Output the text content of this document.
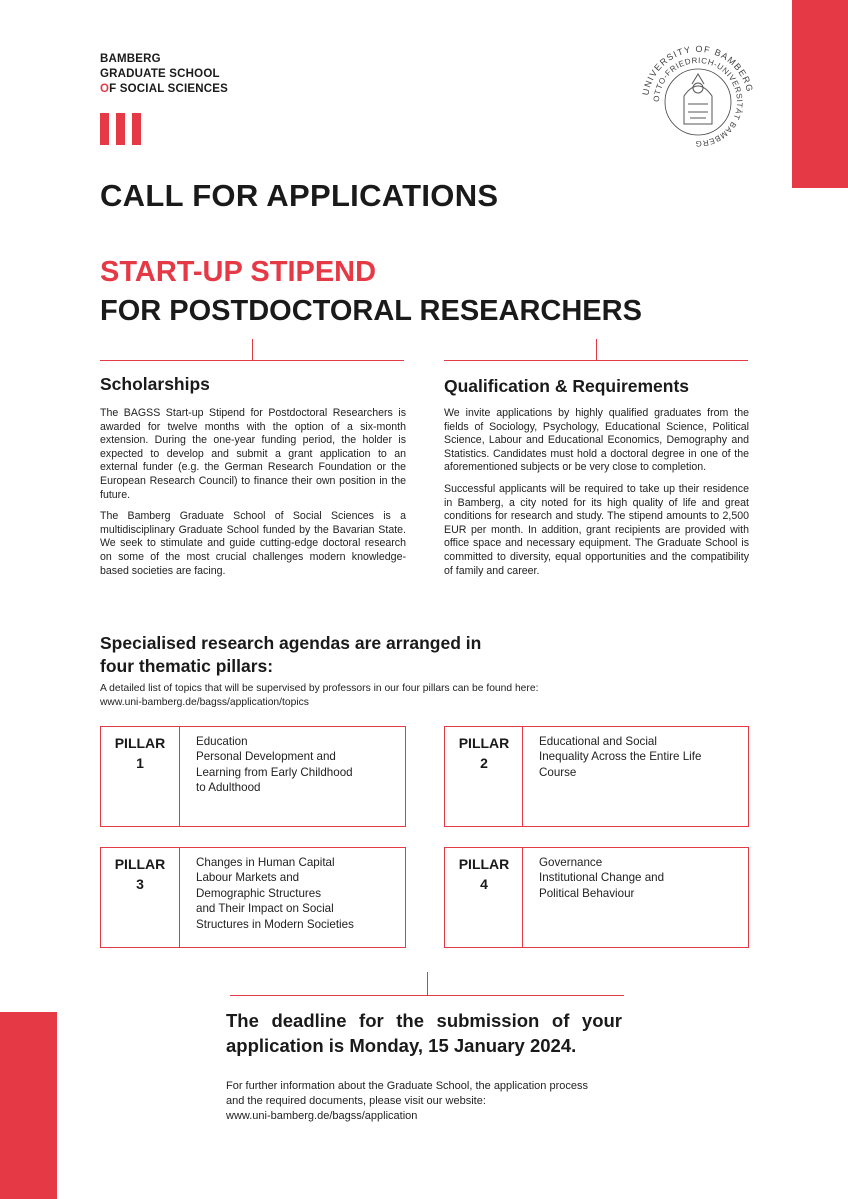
BAMBERG
GRADUATE SCHOOL
OF SOCIAL SCIENCES	UNIVERSITY OF BAMBERG
OTTO-FRIEDRICH-UNIVERSITÄT BAMBERG
CALL FOR APPLICATIONS
START-UP STIPEND
FOR POSTDOCTORAL RESEARCHERS
Scholarships

The BAGSS Start-up Stipend for Postdoctoral Researchers is awarded for twelve months with the option of a six-month extension. During the one-year funding period, the holder is expected to develop and submit a grant application to an external funder (e.g. the German Research Foundation or the European Research Council) to finance their own position in the future.

The Bamberg Graduate School of Social Sciences is a multidisciplinary Graduate School funded by the Bavarian State. We seek to stimulate and guide cutting-edge doctoral research on some of the most crucial challenges modern knowledge-based societies are facing.

Qualification & Requirements

We invite applications by highly qualified graduates from the fields of Sociology, Psychology, Educational Science, Political Science, Labour and Educational Economics, Demography and Statistics. Candidates must hold a doctoral degree in one of the aforementioned subjects or be very close to completion.

Successful applicants will be required to take up their residence in Bamberg, a city noted for its high quality of life and great conditions for research and study. The stipend amounts to 2,500 EUR per month. In addition, grant recipients are provided with office space and necessary equipment. The Graduate School is committed to diversity, equal opportunities and the compatibility of family and career.

Specialised research agendas are arranged in four thematic pillars:
A detailed list of topics that will be supervised by professors in our four pillars can be found here:
www.uni-bamberg.de/bagss/application/topics
PILLAR
1
Education
Personal Development and
Learning from Early Childhood
to Adulthood
PILLAR
2
Educational and Social
Inequality Across the Entire Life
Course
PILLAR
3
Changes in Human Capital
Labour Markets and
Demographic Structures
and Their Impact on Social
Structures in Modern Societies
PILLAR
4
Governance
Institutional Change and
Political Behaviour
The deadline for the submission of your application is Monday, 15 January 2024.
For further information about the Graduate School, the application process
and the required documents, please visit our website:
www.uni-bamberg.de/bagss/application
